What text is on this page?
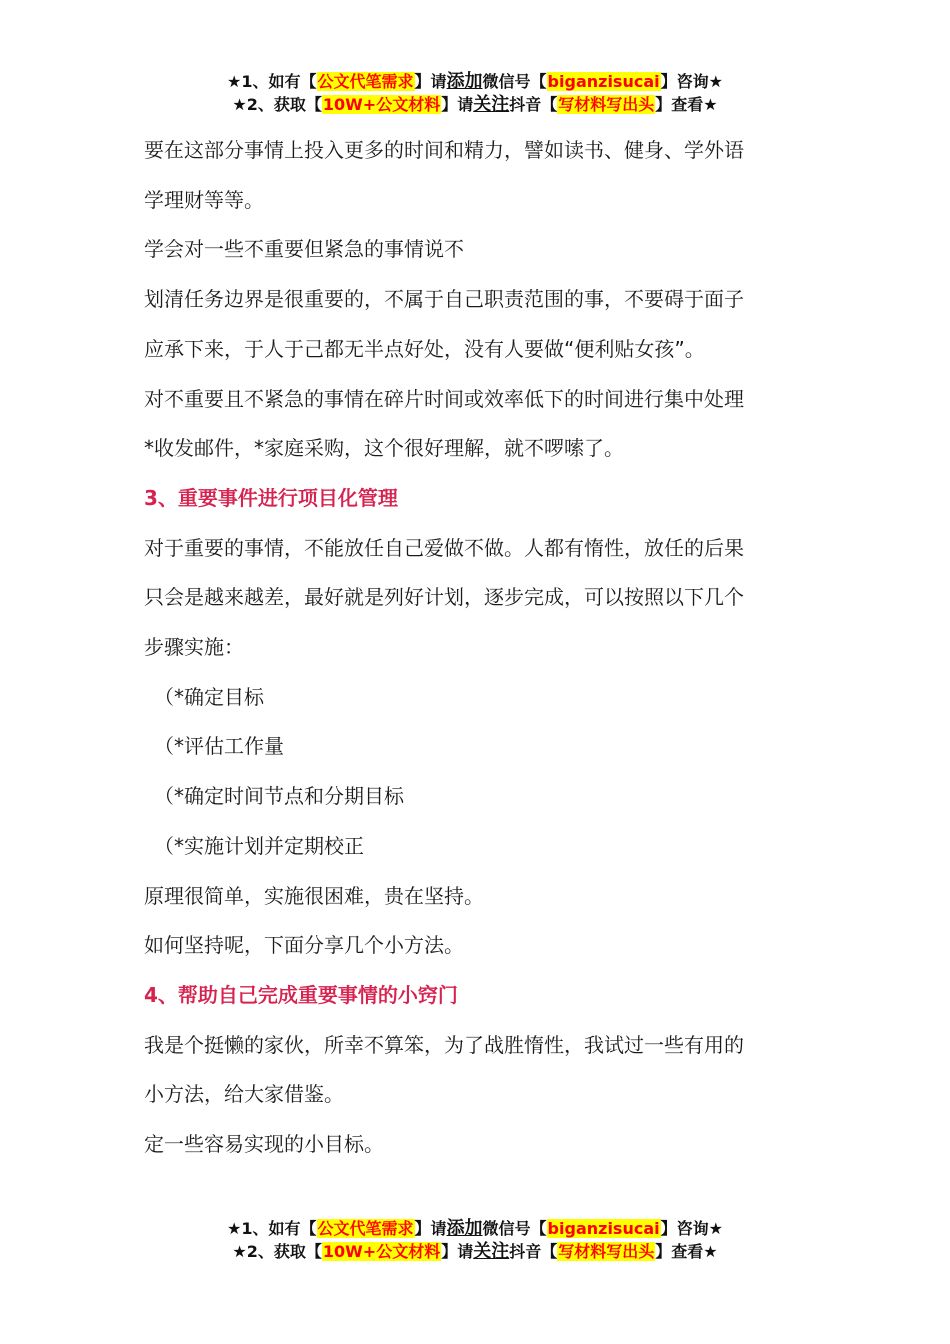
★1、如有【公文代笔需求】请添加微信号【biganzisucai】咨询★
★2、获取【10W+公文材料】请关注抖音【写材料写出头】查看★

要在这部分事情上投入更多的时间和精力，譬如读书、健身、学外语

学理财等等。

学会对一些不重要但紧急的事情说不

划清任务边界是很重要的，不属于自己职责范围的事，不要碍于面子

应承下来，于人于己都无半点好处，没有人要做“便利贴女孩”。

对不重要且不紧急的事情在碎片时间或效率低下的时间进行集中处理

*收发邮件，*家庭采购，这个很好理解，就不啰嗦了。

3、重要事件进行项目化管理

对于重要的事情，不能放任自己爱做不做。人都有惰性，放任的后果

只会是越来越差，最好就是列好计划，逐步完成，可以按照以下几个

步骤实施：

（*确定目标

（*评估工作量

（*确定时间节点和分期目标

（*实施计划并定期校正

原理很简单，实施很困难，贵在坚持。

如何坚持呢，下面分享几个小方法。

4、帮助自己完成重要事情的小窍门

我是个挺懒的家伙，所幸不算笨，为了战胜惰性，我试过一些有用的

小方法，给大家借鉴。

定一些容易实现的小目标。

★1、如有【公文代笔需求】请添加微信号【biganzisucai】咨询★
★2、获取【10W+公文材料】请关注抖音【写材料写出头】查看★
